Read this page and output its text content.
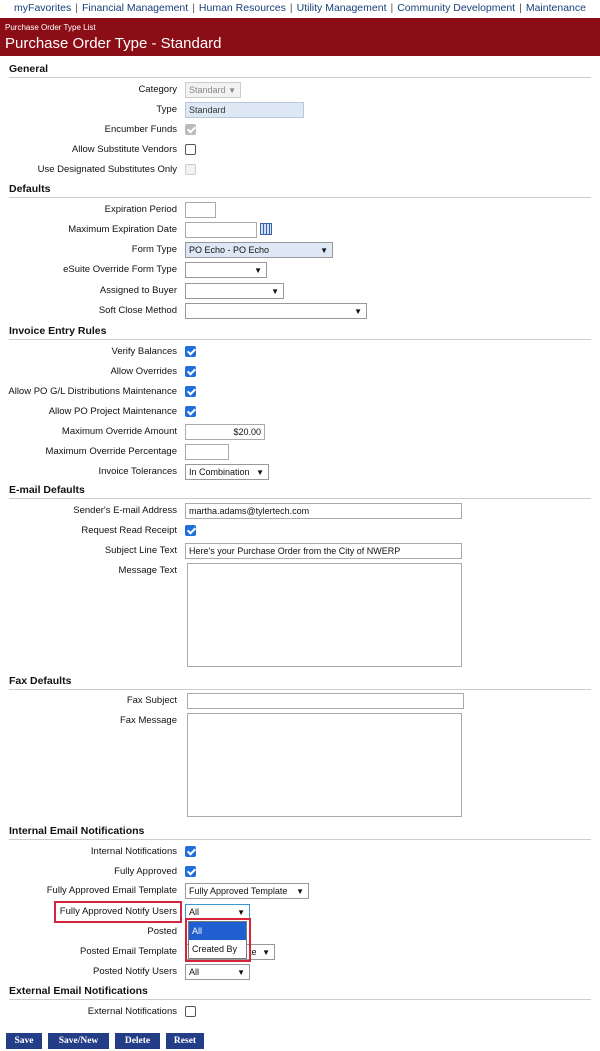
myFavorites | Financial Management | Human Resources | Utility Management | Community Development | Maintenance
Purchase Order Type List
Purchase Order Type - Standard
General
Category	Standard ▼
Type	Standard
Encumber Funds
Allow Substitute Vendors
Use Designated Substitutes Only
Defaults
Expiration Period
Maximum Expiration Date
Form Type	PO Echo - PO Echo	▼
eSuite Override Form Type	▼
Assigned to Buyer	▼
Soft Close Method	▼
Invoice Entry Rules
Verify Balances
Allow Overrides
Allow PO G/L Distributions Maintenance
Allow PO Project Maintenance
Maximum Override Amount	$20.00
Maximum Override Percentage
Invoice Tolerances	In Combination ▼
E-mail Defaults
Sender's E-mail Address	martha.adams@tylertech.com
Request Read Receipt
Subject Line Text	Here's your Purchase Order from the City of NWERP
Message Text
Fax Defaults
Fax Subject
Fax Message
Internal Email Notifications
Internal Notifications
Fully Approved
Fully Approved Email Template	Fully Approved Template ▼
Fully Approved Notify Users	All	▼
Posted
Posted Email Template	te ▼
Posted Notify Users	All	▼
All
Created By
External Email Notifications
External Notifications
Save	Save/New	Delete	Reset
